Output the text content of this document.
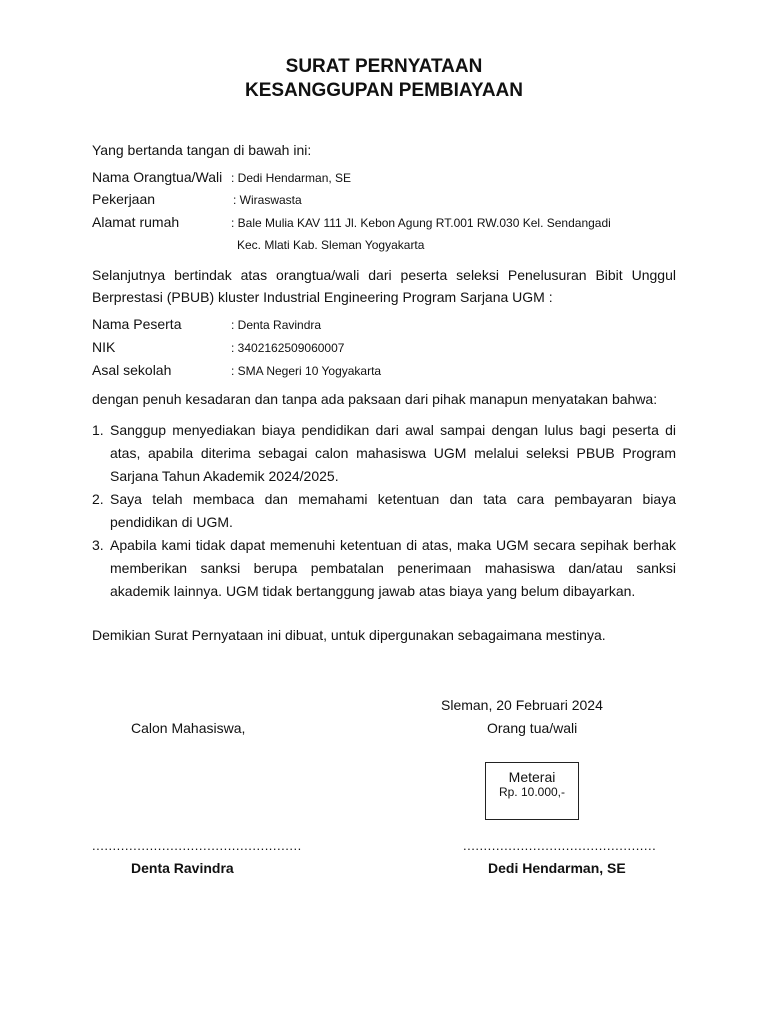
SURAT PERNYATAAN
KESANGGUPAN PEMBIAYAAN
Yang bertanda tangan di bawah ini:
Nama Orangtua/Wali : Dedi Hendarman, SE
Pekerjaan	: Wiraswasta
Alamat rumah	: Bale Mulia KAV 111 Jl. Kebon Agung RT.001 RW.030 Kel. Sendangadi
Kec. Mlati Kab. Sleman Yogyakarta
Selanjutnya bertindak atas orangtua/wali dari peserta seleksi Penelusuran Bibit Unggul
Berprestasi (PBUB) kluster Industrial Engineering Program Sarjana UGM :
Nama Peserta	: Denta Ravindra
NIK	: 3402162509060007
Asal sekolah	: SMA Negeri 10 Yogyakarta
dengan penuh kesadaran dan tanpa ada paksaan dari pihak manapun menyatakan bahwa:
1. Sanggup menyediakan biaya pendidikan dari awal sampai dengan lulus bagi peserta di
atas, apabila diterima sebagai calon mahasiswa UGM melalui seleksi PBUB Program
Sarjana Tahun Akademik 2024/2025.
2. Saya telah membaca dan memahami ketentuan dan tata cara pembayaran biaya
pendidikan di UGM.
3. Apabila kami tidak dapat memenuhi ketentuan di atas, maka UGM secara sepihak berhak
memberikan sanksi berupa pembatalan penerimaan mahasiswa dan/atau sanksi
akademik lainnya. UGM tidak bertanggung jawab atas biaya yang belum dibayarkan.
Demikian Surat Pernyataan ini dibuat, untuk dipergunakan sebagaimana mestinya.
Sleman, 20 Februari 2024
Calon Mahasiswa,	Orang tua/wali
Meterai
Rp. 10.000,-
...................................................	...............................................
Denta Ravindra	Dedi Hendarman, SE
